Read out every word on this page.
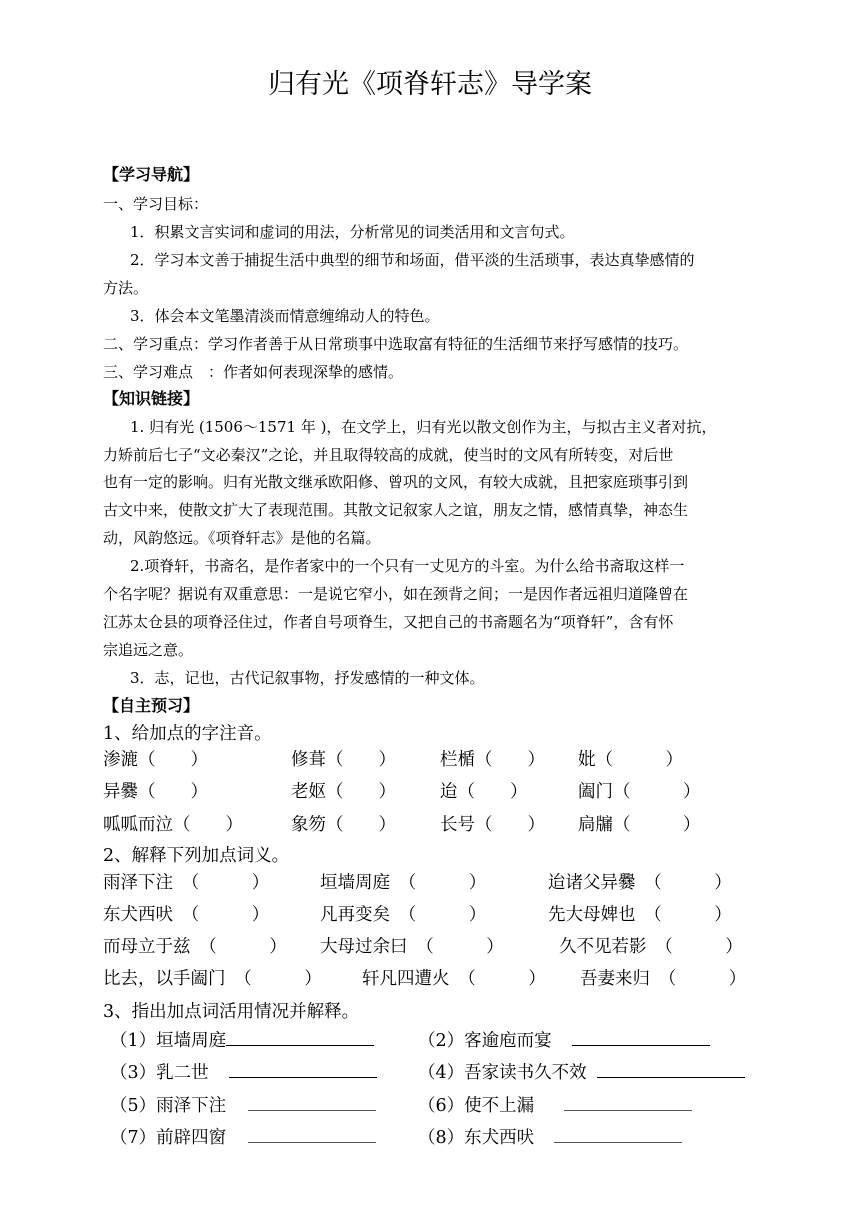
归有光《项脊轩志》导学案
【学习导航】
一、学习目标：
1．积累文言实词和虚词的用法，分析常见的词类活用和文言句式。
2．学习本文善于捕捉生活中典型的细节和场面，借平淡的生活琐事，表达真挚感情的
方法。
3．体会本文笔墨清淡而情意缠绵动人的特色。
二、学习重点：学习作者善于从日常琐事中选取富有特征的生活细节来抒写感情的技巧。
三、学习难点　：作者如何表现深挚的感情。
【知识链接】
1. 归有光 (1506～1571 年 )，在文学上，归有光以散文创作为主，与拟古主义者对抗，
力矫前后七子“文必秦汉”之论，并且取得较高的成就，使当时的文风有所转变，对后世
也有一定的影响。归有光散文继承欧阳修、曾巩的文风，有较大成就，且把家庭琐事引到
古文中来，使散文扩大了表现范围。其散文记叙家人之谊，朋友之情，感情真挚，神态生
动，风韵悠远。《项脊轩志》是他的名篇。
2.项脊轩，书斋名，是作者家中的一个只有一丈见方的斗室。为什么给书斋取这样一
个名字呢？据说有双重意思：一是说它窄小，如在颈背之间；一是因作者远祖归道隆曾在
江苏太仓县的项脊泾住过，作者自号项脊生，又把自己的书斋题名为“项脊轩”，含有怀
宗追远之意。
3．志，记也，古代记叙事物，抒发感情的一种文体。
【自主预习】
1、给加点的字注音。
渗漉（　　）	修葺（　　）	栏楯（　　） 妣（　　　）
异爨（　　）	老妪（　　）	迨（　　）	阖门（　　　）
呱呱而泣（　　）	象笏（　　）	长号（　　） 扃牖（　　　）
2、解释下列加点词义。
雨泽下注　（　　　）	垣墙周庭　（　　　）	迨诸父异爨　（　　　）
东犬西吠　（　　　）	凡再变矣　（　　　）	先大母婢也　（　　　）
而母立于兹　（　　　） 大母过余曰　（　　　）	久不见若影　（　　　）
比去，以手阖门　（　　　） 轩凡四遭火　（　　　） 吾妻来归　（　　　）
3、指出加点词活用情况并解释。
（1）垣墙周庭	（2）客逾庖而宴
（3）乳二世	（4）吾家读书久不效
（5）雨泽下注	（6）使不上漏
（7）前辟四窗	（8）东犬西吠
